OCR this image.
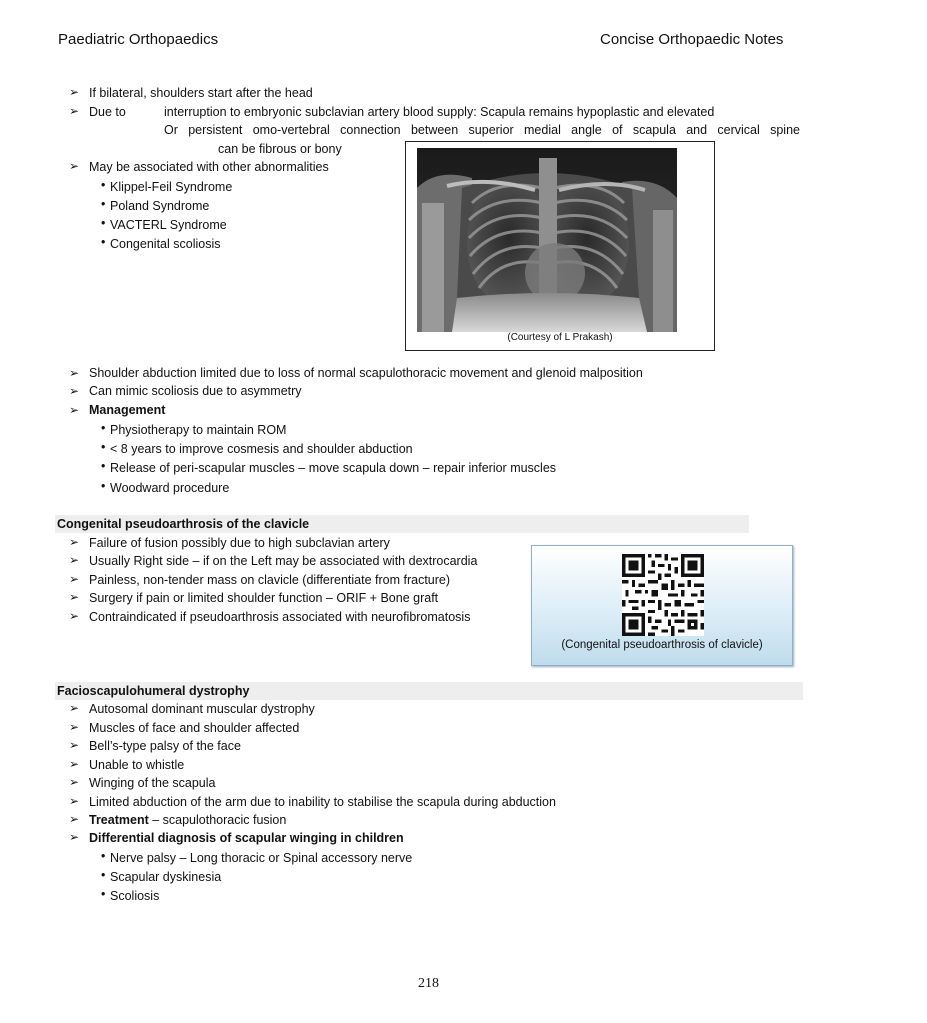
Paediatric Orthopaedics	Concise Orthopaedic Notes
➢ If bilateral, shoulders start after the head
➢ Due to	interruption to embryonic subclavian artery blood supply: Scapula remains hypoplastic and elevated
Or persistent omo-vertebral connection between superior medial angle of scapula and cervical spine
can be fibrous or bony
➢ May be associated with other abnormalities
• Klippel-Feil Syndrome
• Poland Syndrome
• VACTERL Syndrome
• Congenital scoliosis
(Courtesy of L Prakash)
➢ Shoulder abduction limited due to loss of normal scapulothoracic movement and glenoid malposition
➢ Can mimic scoliosis due to asymmetry
➢ Management
• Physiotherapy to maintain ROM
• < 8 years to improve cosmesis and shoulder abduction
• Release of peri-scapular muscles – move scapula down – repair inferior muscles
• Woodward procedure
Congenital pseudoarthrosis of the clavicle
➢ Failure of fusion possibly due to high subclavian artery
➢ Usually Right side – if on the Left may be associated with dextrocardia
➢ Painless, non-tender mass on clavicle (differentiate from fracture)
➢ Surgery if pain or limited shoulder function – ORIF + Bone graft
➢ Contraindicated if pseudoarthrosis associated with neurofibromatosis
(Congenital pseudoarthrosis of clavicle)
Facioscapulohumeral dystrophy
➢ Autosomal dominant muscular dystrophy
➢ Muscles of face and shoulder affected
➢ Bell’s-type palsy of the face
➢ Unable to whistle
➢ Winging of the scapula
➢ Limited abduction of the arm due to inability to stabilise the scapula during abduction
➢ Treatment – scapulothoracic fusion
➢ Differential diagnosis of scapular winging in children
• Nerve palsy – Long thoracic or Spinal accessory nerve
• Scapular dyskinesia
• Scoliosis
218
